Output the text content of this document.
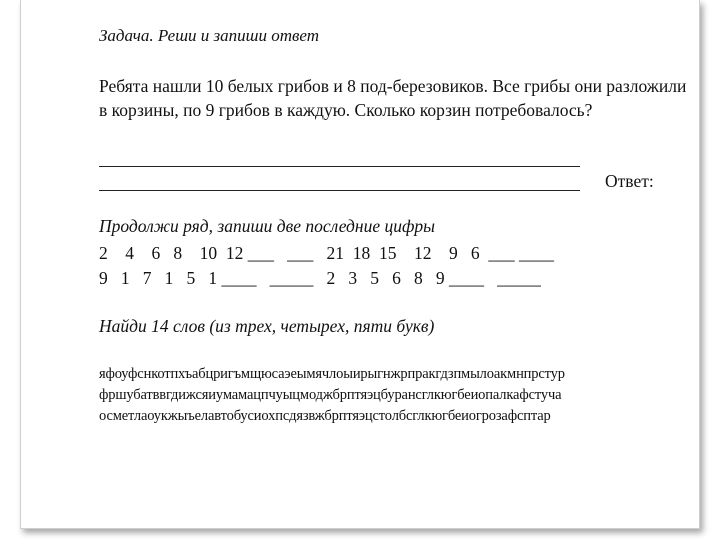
Задача. Реши и запиши ответ
Ребята нашли 10 белых грибов и 8 под-березовиков. Все грибы они разложили в корзины, по 9 грибов в каждую. Сколько корзин потребовалось?
Ответ:
Продолжи ряд, запиши две последние цифры
2    4    6   8    10  12 ___   ___   21  18  15    12    9   6  ___ ____
9   1   7   1   5   1 ____   _____   2   3   5   6   8   9 ____   _____
Найди 14 слов (из трех, четырех, пяти букв)
яфоуфснкотпхъабцригъмщюсаэеымячлоыирыгнжрпракгдзпмылоакмнпрстур
фршубатввгдижсяиумамацпчуыцмоджбрптяэцбурансглкюгбеиопалкафстуча
осметлаоукжыъелавтобусиохпсдязвжбрптяэцстолбсглкюгбеиогрозафсптар
